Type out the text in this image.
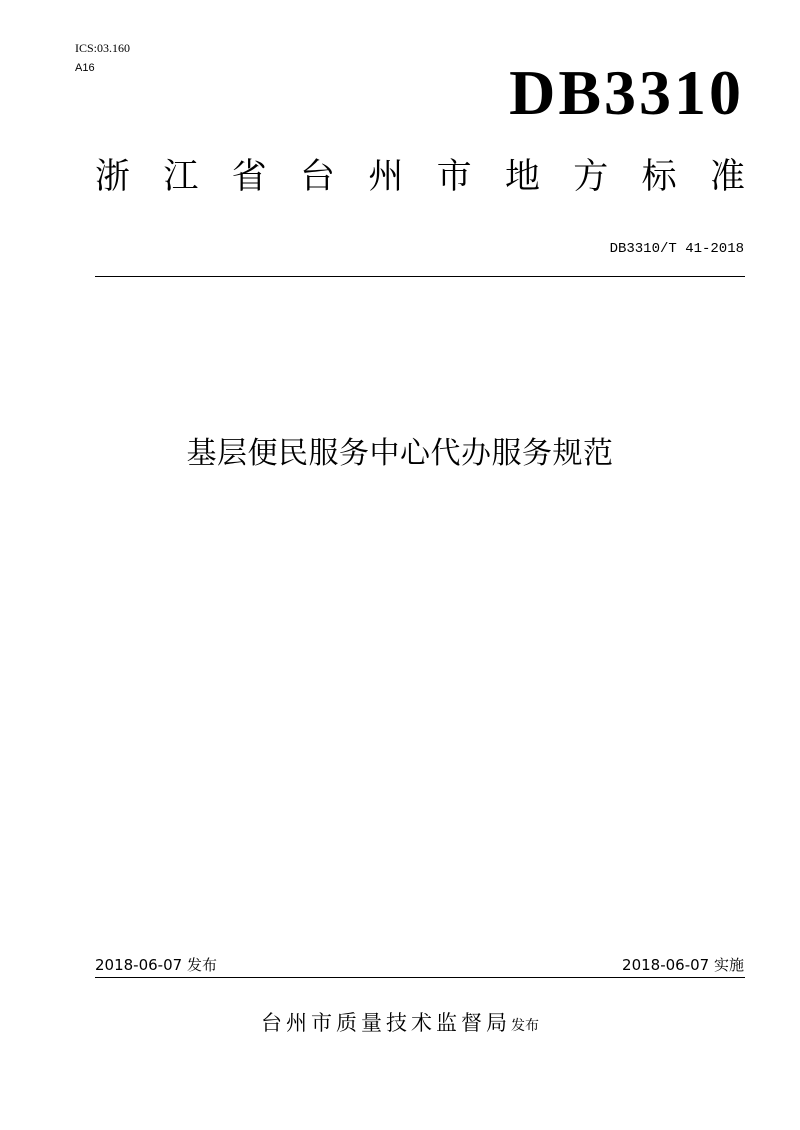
ICS:03.160
A16	DB3310
浙 江 省 台 州 市 地 方 标 准
DB3310/T 41-2018
基层便民服务中心代办服务规范
2018-06-07 发布	2018-06-07 实施
台州市质量技术监督局发布
